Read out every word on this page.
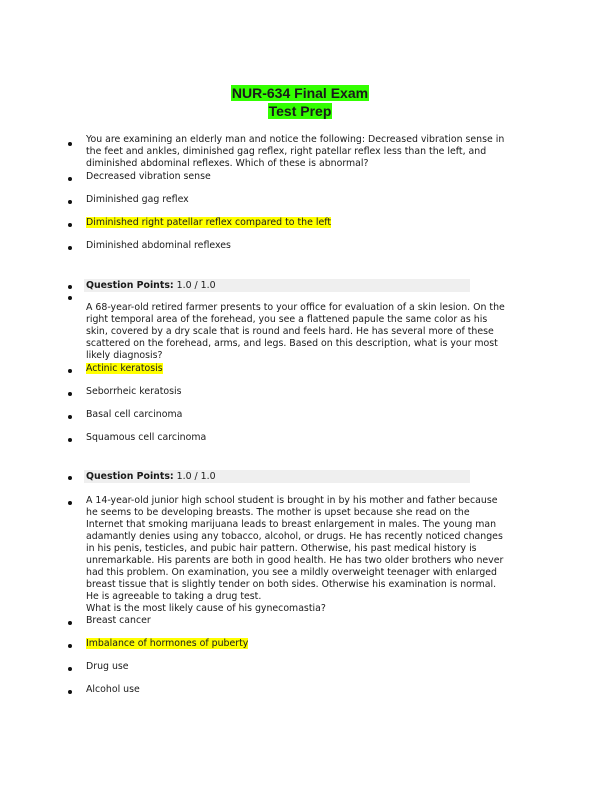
NUR-634 Final Exam
Test Prep
You are examining an elderly man and notice the following: Decreased vibration sense in the feet and ankles, diminished gag reflex, right patellar reflex less than the left, and diminished abdominal reflexes. Which of these is abnormal?
Decreased vibration sense
Diminished gag reflex
Diminished right patellar reflex compared to the left
Diminished abdominal reflexes
Question Points: 1.0 / 1.0
A 68-year-old retired farmer presents to your office for evaluation of a skin lesion. On the right temporal area of the forehead, you see a flattened papule the same color as his skin, covered by a dry scale that is round and feels hard. He has several more of these scattered on the forehead, arms, and legs. Based on this description, what is your most likely diagnosis?
Actinic keratosis
Seborrheic keratosis
Basal cell carcinoma
Squamous cell carcinoma
Question Points: 1.0 / 1.0
A 14-year-old junior high school student is brought in by his mother and father because he seems to be developing breasts. The mother is upset because she read on the Internet that smoking marijuana leads to breast enlargement in males. The young man adamantly denies using any tobacco, alcohol, or drugs. He has recently noticed changes in his penis, testicles, and pubic hair pattern. Otherwise, his past medical history is unremarkable. His parents are both in good health. He has two older brothers who never had this problem. On examination, you see a mildly overweight teenager with enlarged breast tissue that is slightly tender on both sides. Otherwise his examination is normal. He is agreeable to taking a drug test.
What is the most likely cause of his gynecomastia?
Breast cancer
Imbalance of hormones of puberty
Drug use
Alcohol use
